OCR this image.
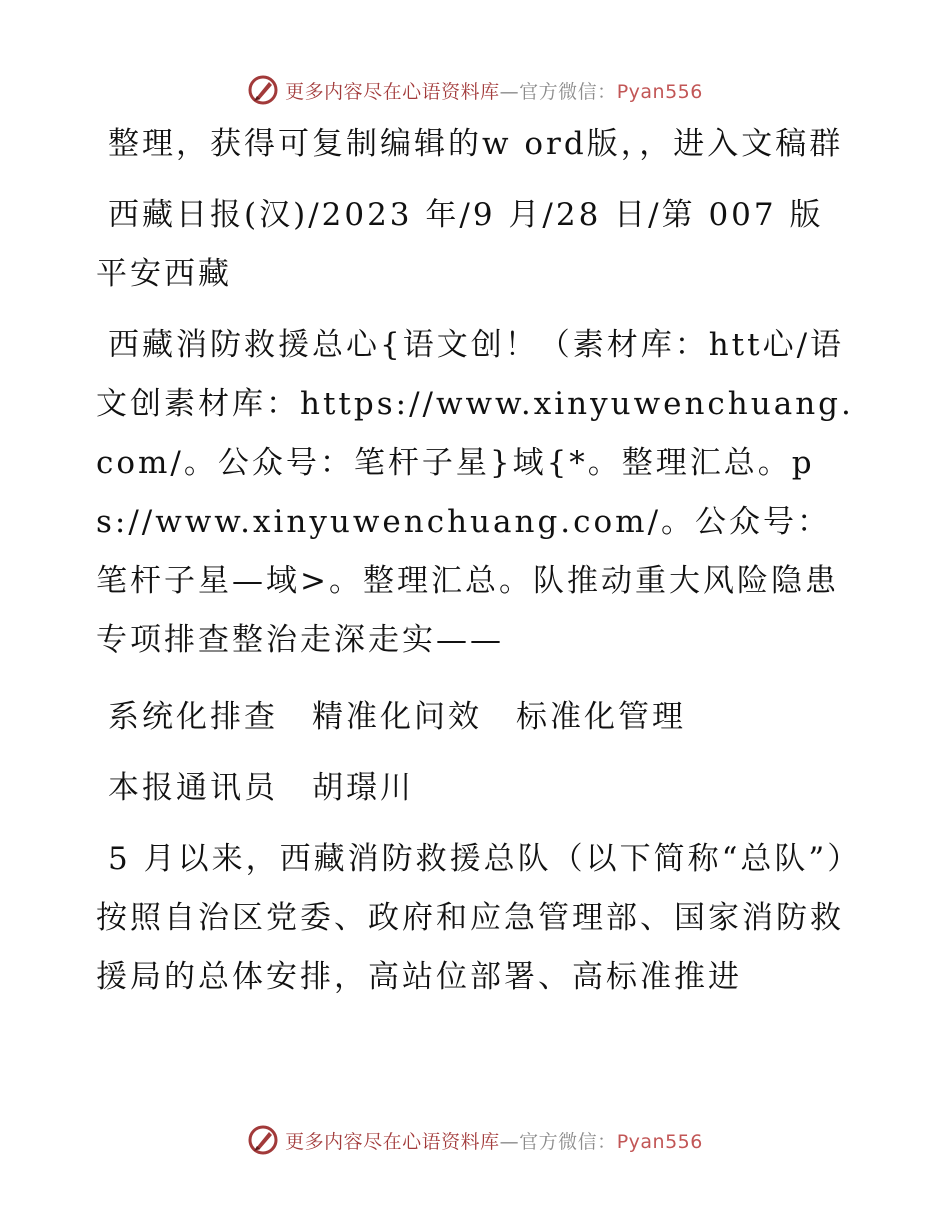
更多内容尽在心语资料库—官方微信：Pyan556

整理，获得可复制编辑的w ord版，，进入文稿群

西藏日报(汉)/2023 年/9 月/28 日/第 007 版平安西藏

西藏消防救援总心{语文创！（素材库：htt心/语文创素材库：https://www.xinyuwenchuang.com/。公众号：笔杆子星}域{*。整理汇总。ps://www.xinyuwenchuang.com/。公众号：笔杆子星—域>。整理汇总。队推动重大风险隐患专项排查整治走深走实——

系统化排查　精准化问效　标准化管理

本报通讯员　胡璟川

5 月以来，西藏消防救援总队（以下简称“总队”）按照自治区党委、政府和应急管理部、国家消防救援局的总体安排，高站位部署、高标准推进

更多内容尽在心语资料库—官方微信：Pyan556
